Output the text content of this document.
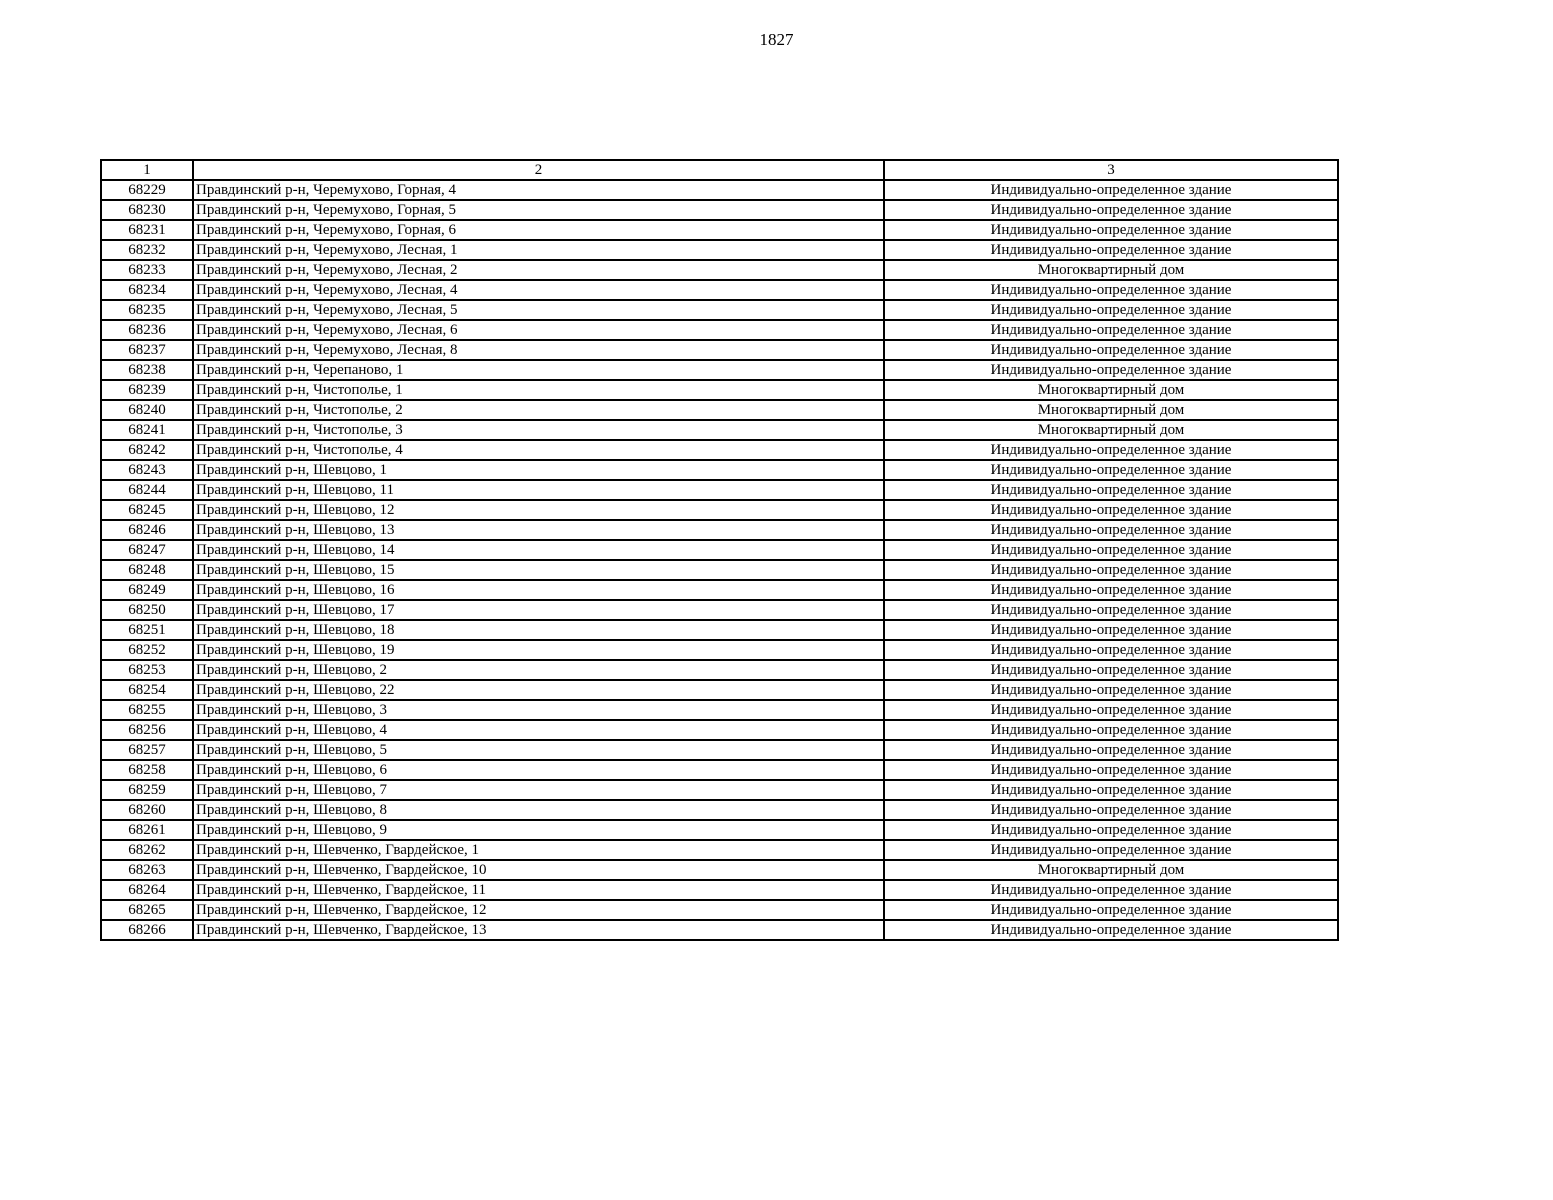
1827
1	2	3
68229	Правдинский р-н, Черемухово, Горная, 4	Индивидуально-определенное здание
68230	Правдинский р-н, Черемухово, Горная, 5	Индивидуально-определенное здание
68231	Правдинский р-н, Черемухово, Горная, 6	Индивидуально-определенное здание
68232	Правдинский р-н, Черемухово, Лесная, 1	Индивидуально-определенное здание
68233	Правдинский р-н, Черемухово, Лесная, 2	Многоквартирный дом
68234	Правдинский р-н, Черемухово, Лесная, 4	Индивидуально-определенное здание
68235	Правдинский р-н, Черемухово, Лесная, 5	Индивидуально-определенное здание
68236	Правдинский р-н, Черемухово, Лесная, 6	Индивидуально-определенное здание
68237	Правдинский р-н, Черемухово, Лесная, 8	Индивидуально-определенное здание
68238	Правдинский р-н, Черепаново, 1	Индивидуально-определенное здание
68239	Правдинский р-н, Чистополье, 1	Многоквартирный дом
68240	Правдинский р-н, Чистополье, 2	Многоквартирный дом
68241	Правдинский р-н, Чистополье, 3	Многоквартирный дом
68242	Правдинский р-н, Чистополье, 4	Индивидуально-определенное здание
68243	Правдинский р-н, Шевцово, 1	Индивидуально-определенное здание
68244	Правдинский р-н, Шевцово, 11	Индивидуально-определенное здание
68245	Правдинский р-н, Шевцово, 12	Индивидуально-определенное здание
68246	Правдинский р-н, Шевцово, 13	Индивидуально-определенное здание
68247	Правдинский р-н, Шевцово, 14	Индивидуально-определенное здание
68248	Правдинский р-н, Шевцово, 15	Индивидуально-определенное здание
68249	Правдинский р-н, Шевцово, 16	Индивидуально-определенное здание
68250	Правдинский р-н, Шевцово, 17	Индивидуально-определенное здание
68251	Правдинский р-н, Шевцово, 18	Индивидуально-определенное здание
68252	Правдинский р-н, Шевцово, 19	Индивидуально-определенное здание
68253	Правдинский р-н, Шевцово, 2	Индивидуально-определенное здание
68254	Правдинский р-н, Шевцово, 22	Индивидуально-определенное здание
68255	Правдинский р-н, Шевцово, 3	Индивидуально-определенное здание
68256	Правдинский р-н, Шевцово, 4	Индивидуально-определенное здание
68257	Правдинский р-н, Шевцово, 5	Индивидуально-определенное здание
68258	Правдинский р-н, Шевцово, 6	Индивидуально-определенное здание
68259	Правдинский р-н, Шевцово, 7	Индивидуально-определенное здание
68260	Правдинский р-н, Шевцово, 8	Индивидуально-определенное здание
68261	Правдинский р-н, Шевцово, 9	Индивидуально-определенное здание
68262	Правдинский р-н, Шевченко, Гвардейское, 1	Индивидуально-определенное здание
68263	Правдинский р-н, Шевченко, Гвардейское, 10	Многоквартирный дом
68264	Правдинский р-н, Шевченко, Гвардейское, 11	Индивидуально-определенное здание
68265	Правдинский р-н, Шевченко, Гвардейское, 12	Индивидуально-определенное здание
68266	Правдинский р-н, Шевченко, Гвардейское, 13	Индивидуально-определенное здание
